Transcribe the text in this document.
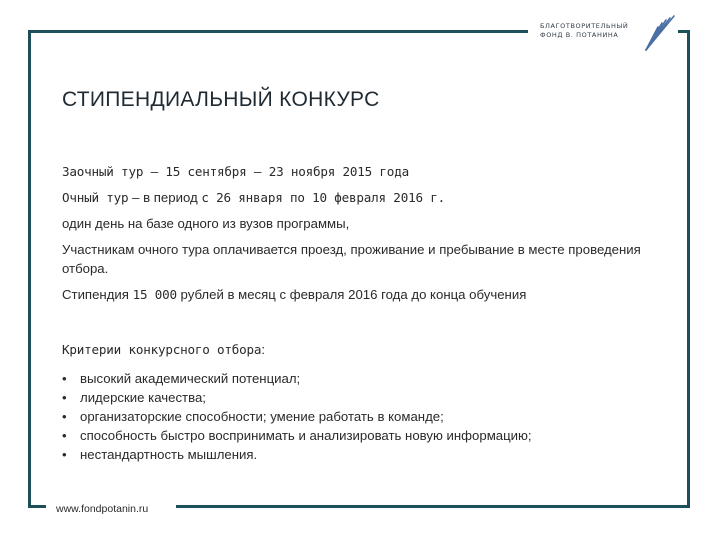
БЛАГОТВОРИТЕЛЬНЫЙ
ФОНД В. ПОТАНИНА
СТИПЕНДИАЛЬНЫЙ КОНКУРС

Заочный тур – 15 сентября – 23 ноября 2015 года

Очный тур – в период с 26 января по 10 февраля 2016 г.

один день на базе одного из вузов программы,

Участникам очного тура оплачивается проезд, проживание и пребывание в месте проведения отбора.

Стипендия 15 000 рублей в месяц с февраля 2016 года до конца обучения

Критерии конкурсного отбора:

• высокий академический потенциал;
• лидерские качества;
• организаторские способности; умение работать в команде;
• способность быстро воспринимать и анализировать новую информацию;
• нестандартность мышления.
www.fondpotanin.ru
